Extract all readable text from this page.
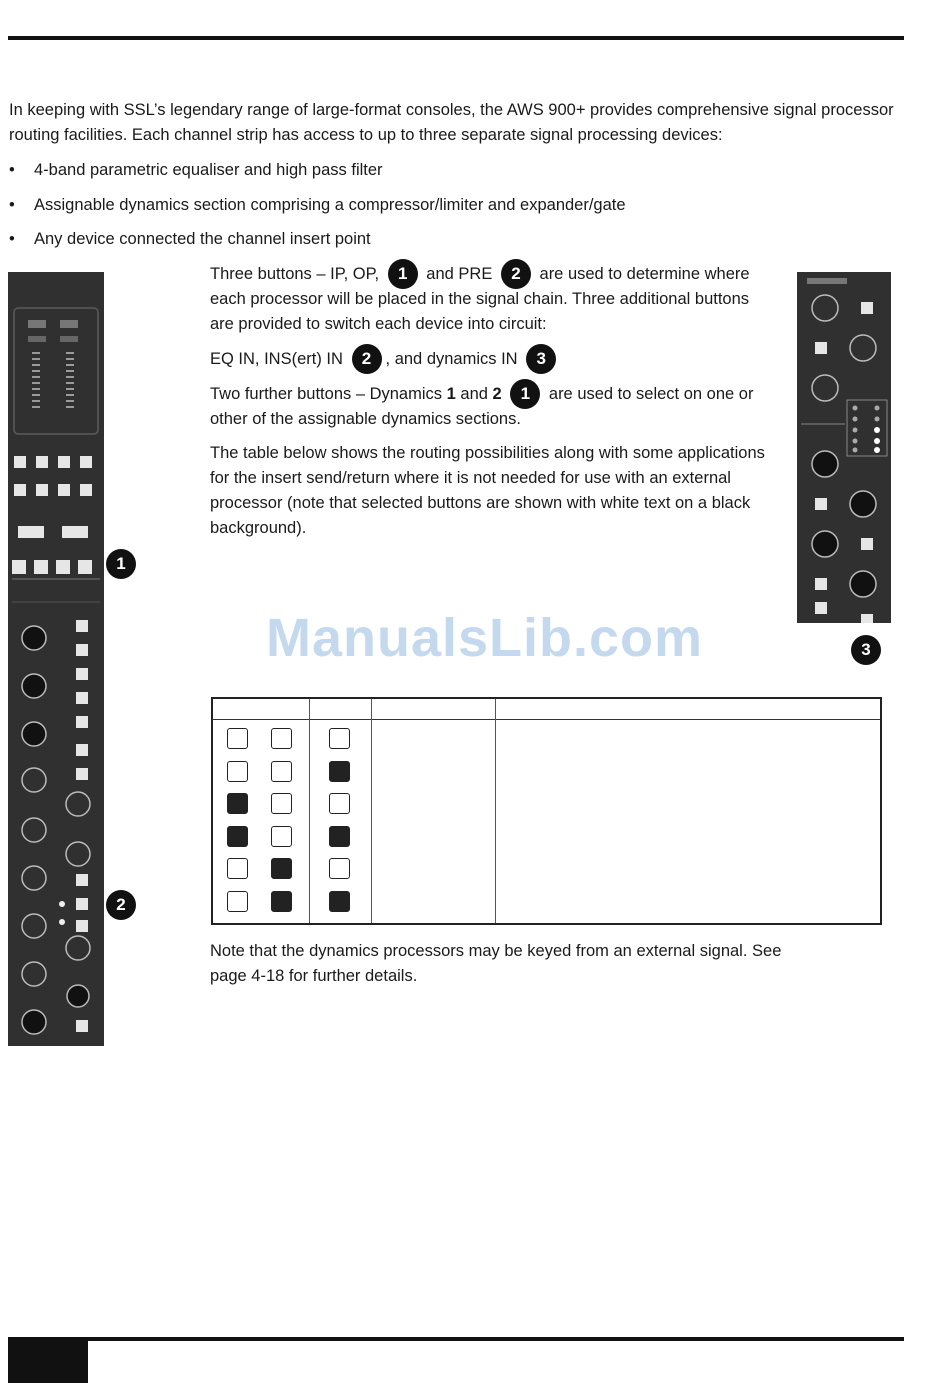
In keeping with SSL’s legendary range of large-format consoles, the AWS 900+ provides comprehensive signal processor routing facilities. Each channel strip has access to up to three separate signal processing devices:

• 4-band parametric equaliser and high pass filter
• Assignable dynamics section comprising a compressor/limiter and expander/gate
• Any device connected the channel insert point
1
2
3

Three buttons – IP, OP, 1 and PRE 2 are used to determine where each processor will be placed in the signal chain. Three additional buttons are provided to switch each device into circuit:

EQ IN, INS(ert) IN 2 , and dynamics IN 3

Two further buttons – Dynamics 1 and 2 1 are used to select on one or other of the assignable dynamics sections.

The table below shows the routing possibilities along with some applications for the insert send/return where it is not needed for use with an external processor (note that selected buttons are shown with white text on a black background).

ManualsLib.com

Note that the dynamics processors may be keyed from an external signal. See page 4-18 for further details.
